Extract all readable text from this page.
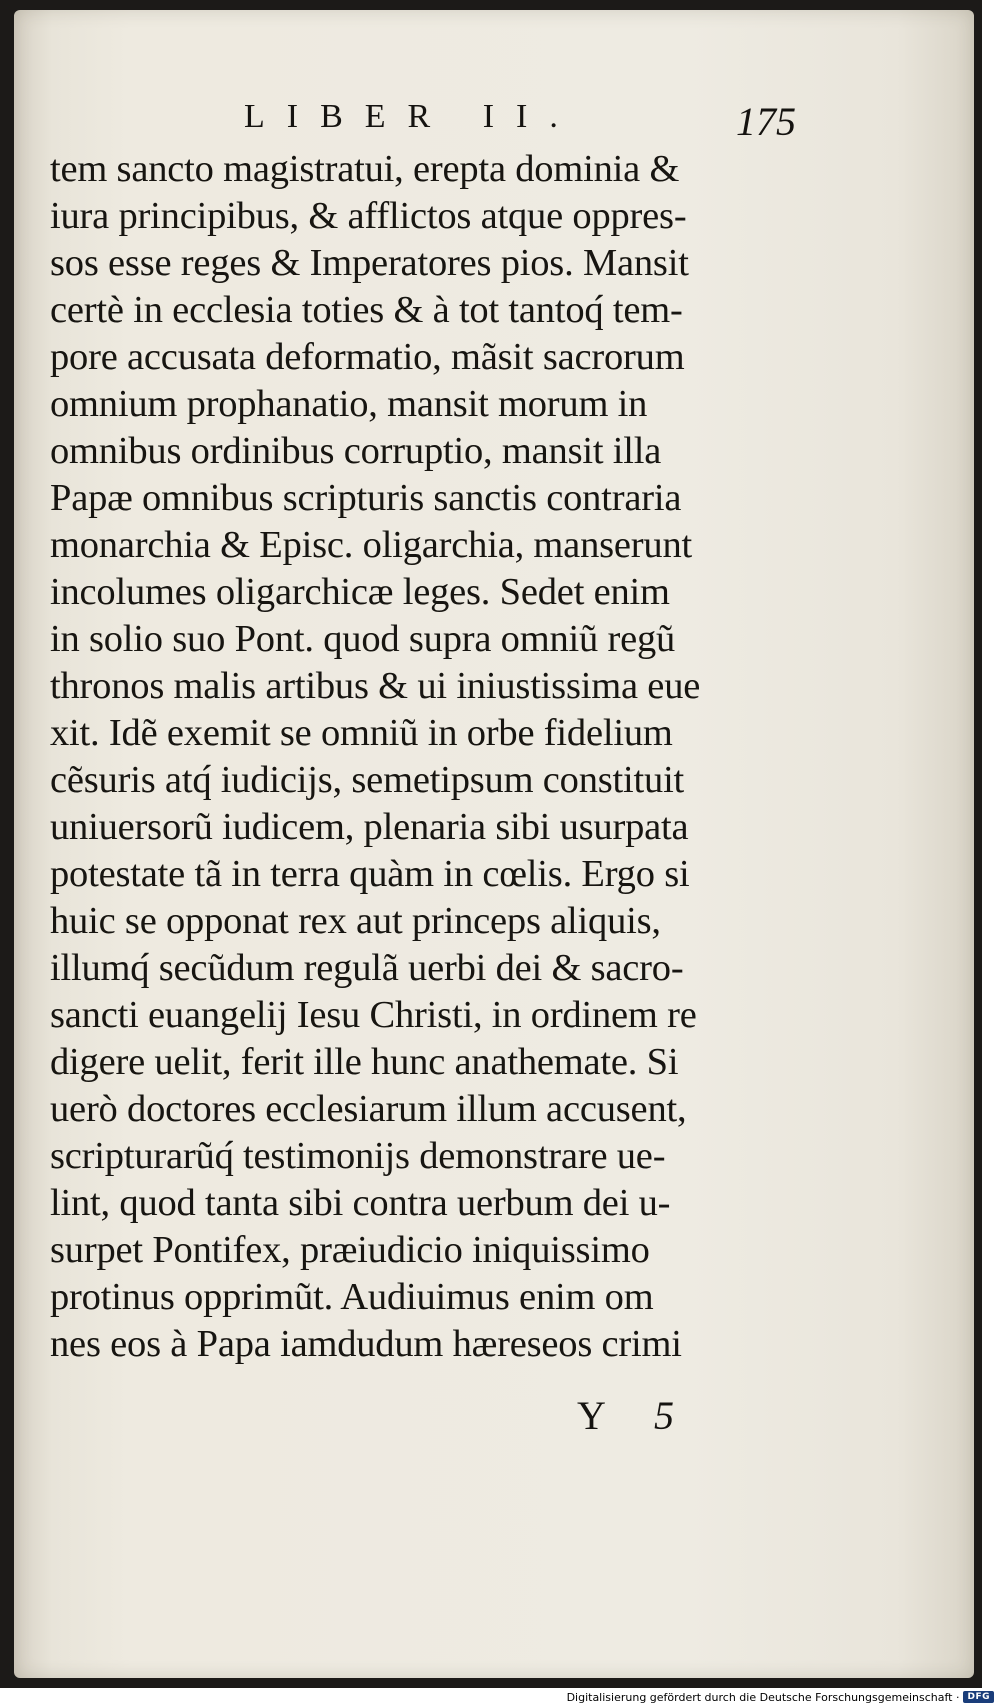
LIBER II.	175
tem sancto magistratui, erepta dominia &
iura principibus, & afflictos atque oppres-
sos esse reges & Imperatores pios. Mansit
certè in ecclesia toties & à tot tantoq́ tem-
pore accusata deformatio, mãsit sacrorum
omnium prophanatio, mansit morum in
omnibus ordinibus corruptio, mansit illa
Papæ omnibus scripturis sanctis contraria
monarchia & Episc. oligarchia, manserunt
incolumes oligarchicæ leges. Sedet enim
in solio suo Pont. quod supra omniũ regũ
thronos malis artibus & ui iniustissima eue
xit. Idẽ exemit se omniũ in orbe fidelium
cẽsuris atq́ iudicijs, semetipsum constituit
uniuersorũ iudicem, plenaria sibi usurpata
potestate tã in terra quàm in cœlis. Ergo si
huic se opponat rex aut princeps aliquis,
illumq́ secũdum regulã uerbi dei & sacro-
sancti euangelij Iesu Christi, in ordinem re
digere uelit, ferit ille hunc anathemate. Si
uerò doctores ecclesiarum illum accusent,
scripturarũq́ testimonijs demonstrare ue-
lint, quod tanta sibi contra uerbum dei u-
surpet Pontifex, præiudicio iniquissimo
protinus opprimũt. Audiuimus enim om
nes eos à Papa iamdudum hæreseos crimi
Y 5
Digitalisierung gefördert durch die Deutsche Forschungsgemeinschaft · DFG
